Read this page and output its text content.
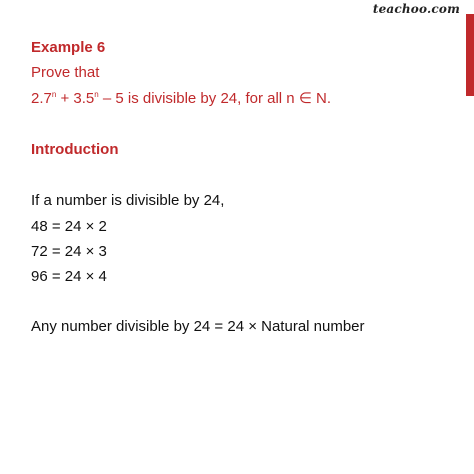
teachoo.com
Example 6
Prove that
$2.7^n + 3.5^n - 5$ is divisible by 24, for all n ∈ N.
Introduction
If a number is divisible by 24,
48 = 24 × 2
72 = 24 × 3
96 = 24 × 4
Any number divisible by 24 = 24 × Natural number
